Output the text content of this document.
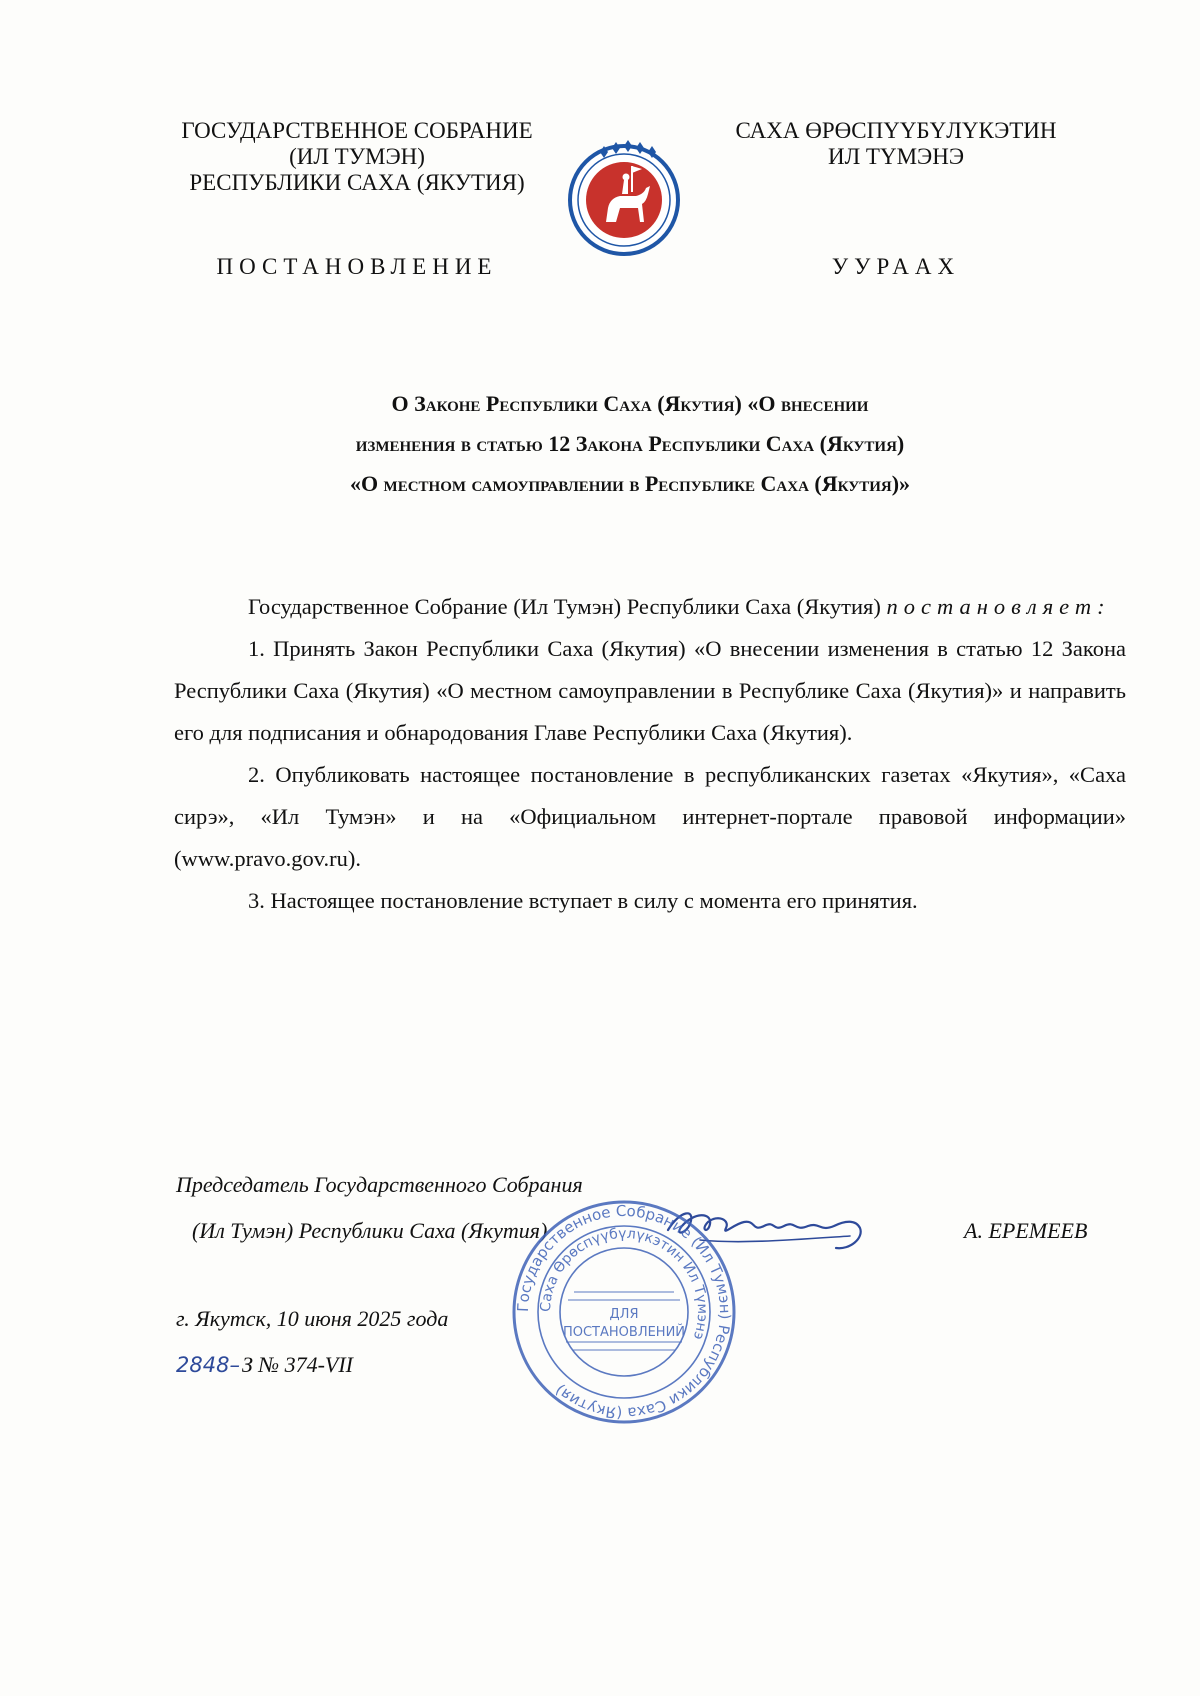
ГОСУДАРСТВЕННОЕ СОБРАНИЕ
(ИЛ ТУМЭН)
РЕСПУБЛИКИ САХА (ЯКУТИЯ)
САХА ӨРӨСПҮҮБҮЛҮКЭТИН
ИЛ ТҮМЭНЭ
ПОСТАНОВЛЕНИЕ	УУРААХ
О Законе Республики Саха (Якутия) «О внесении
изменения в статью 12 Закона Республики Саха (Якутия)
«О местном самоуправлении в Республике Саха (Якутия)»

Государственное Собрание (Ил Тумэн) Республики Саха (Якутия) постановляет:

1. Принять Закон Республики Саха (Якутия) «О внесении изменения в статью 12 Закона Республики Саха (Якутия) «О местном самоуправлении в Республике Саха (Якутия)» и направить его для подписания и обнародования Главе Республики Саха (Якутия).

2. Опубликовать настоящее постановление в республиканских газетах «Якутия», «Саха сирэ», «Ил Тумэн» и на «Официальном интернет-портале правовой информации» (www.pravo.gov.ru).

3. Настоящее постановление вступает в силу с момента его принятия.

Председатель Государственного Собрания
(Ил Тумэн) Республики Саха (Якутия)	А. ЕРЕМЕЕВ
Государственное Собрание (Ил Тумэн) Республики Саха (Якутия)
Саха Өрөспүүбүлүкэтин Ил Түмэнэ
ДЛЯ
ПОСТАНОВЛЕНИЙ
г. Якутск, 10 июня 2025 года
2848–З № 374-VII
